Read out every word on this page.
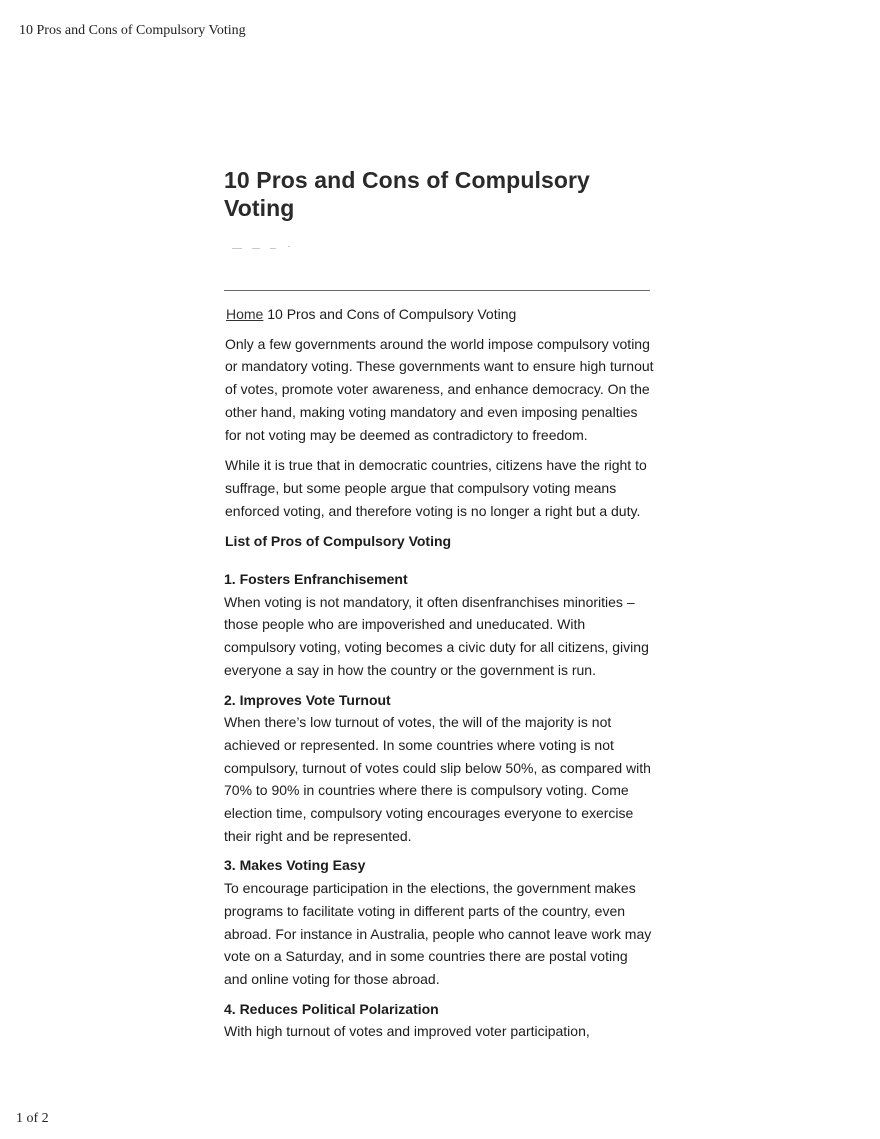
10 Pros and Cons of Compulsory Voting
10 Pros and Cons of Compulsory Voting

Home 10 Pros and Cons of Compulsory Voting

Only a few governments around the world impose compulsory voting or mandatory voting. These governments want to ensure high turnout of votes, promote voter awareness, and enhance democracy. On the other hand, making voting mandatory and even imposing penalties for not voting may be deemed as contradictory to freedom.

While it is true that in democratic countries, citizens have the right to suffrage, but some people argue that compulsory voting means enforced voting, and therefore voting is no longer a right but a duty.

List of Pros of Compulsory Voting

1. Fosters Enfranchisement

When voting is not mandatory, it often disenfranchises minorities – those people who are impoverished and uneducated. With compulsory voting, voting becomes a civic duty for all citizens, giving everyone a say in how the country or the government is run.

2. Improves Vote Turnout

When there’s low turnout of votes, the will of the majority is not achieved or represented. In some countries where voting is not compulsory, turnout of votes could slip below 50%, as compared with 70% to 90% in countries where there is compulsory voting. Come election time, compulsory voting encourages everyone to exercise their right and be represented.

3. Makes Voting Easy

To encourage participation in the elections, the government makes programs to facilitate voting in different parts of the country, even abroad. For instance in Australia, people who cannot leave work may vote on a Saturday, and in some countries there are postal voting and online voting for those abroad.

4. Reduces Political Polarization

With high turnout of votes and improved voter participation,

1 of 2
